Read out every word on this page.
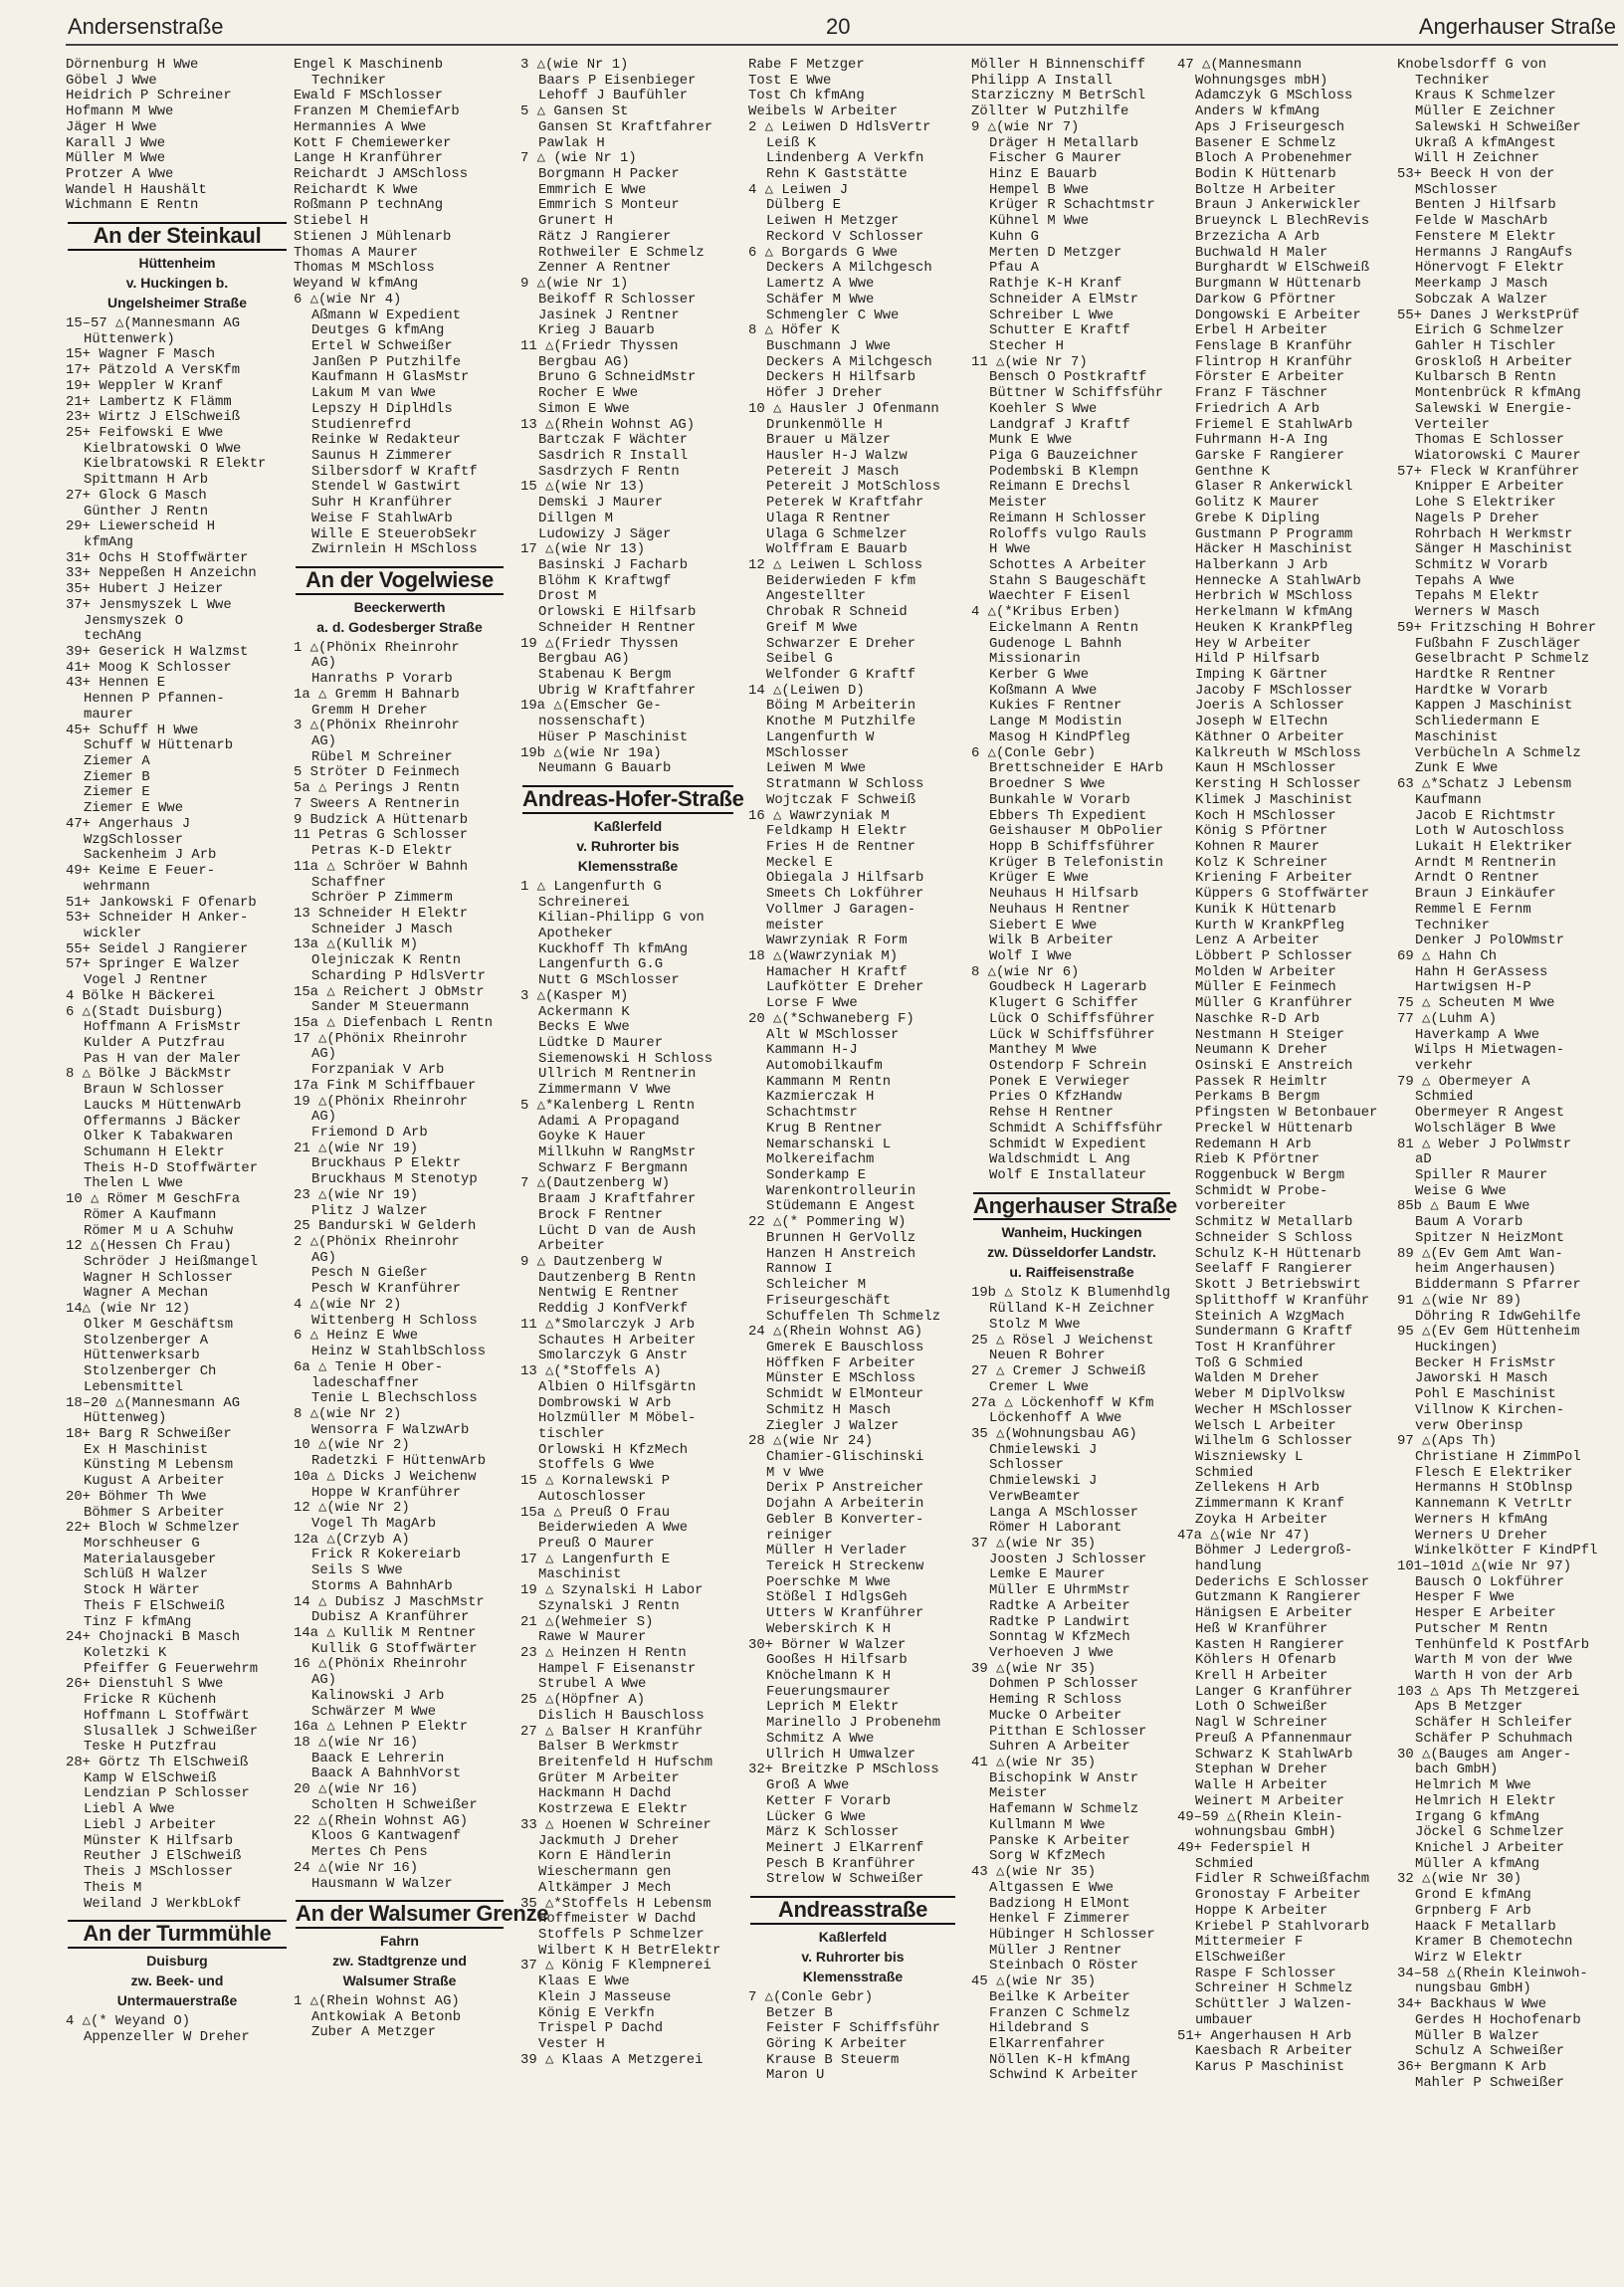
Andersenstraße	20	Angerhauser Straße
Dörnenburg H Wwe
Göbel J Wwe
Heidrich P Schreiner
Hofmann M Wwe
Jäger H Wwe
Karall J Wwe
Müller M Wwe
Protzer A Wwe
Wandel H Haushält
Wichmann E Rentn
An der Steinkaul
Hüttenheim
v. Huckingen b.
Ungelsheimer Straße
15–57 △(Mannesmann AG
Hüttenwerk)
15+ Wagner F Masch
17+ Pätzold A VersKfm
19+ Weppler W Kranf
21+ Lambertz K Flämm
23+ Wirtz J ElSchweiß
25+ Feifowski E Wwe
Kielbratowski O Wwe
Kielbratowski R Elektr
Spittmann H Arb
27+ Glock G Masch
Günther J Rentn
29+ Liewerscheid H
kfmAng
31+ Ochs H Stoffwärter
33+ Neppeßen H Anzeichn
35+ Hubert J Heizer
37+ Jensmyszek L Wwe
Jensmyszek O
techAng
39+ Geserick H Walzmst
41+ Moog K Schlosser
43+ Hennen E
Hennen P Pfannen-
maurer
45+ Schuff H Wwe
Schuff W Hüttenarb
Ziemer A
Ziemer B
Ziemer E
Ziemer E Wwe
47+ Angerhaus J
WzgSchlosser
Sackenheim J Arb
49+ Keime E Feuer-
wehrmann
51+ Jankowski F Ofenarb
53+ Schneider H Anker-
wickler
55+ Seidel J Rangierer
57+ Springer E Walzer
Vogel J Rentner
4 Bölke H Bäckerei
6 △(Stadt Duisburg)
Hoffmann A FrisMstr
Kulder A Putzfrau
Pas H van der Maler
8 △ Bölke J BäckMstr
Braun W Schlosser
Laucks M HüttenwArb
Offermanns J Bäcker
Olker K Tabakwaren
Schumann H Elektr
Theis H-D Stoffwärter
Thelen L Wwe
10 △ Römer M GeschFra
Römer A Kaufmann
Römer M u A Schuhw
12 △(Hessen Ch Frau)
Schröder J Heißmangel
Wagner H Schlosser
Wagner A Mechan
14△ (wie Nr 12)
Olker M Geschäftsm
Stolzenberger A
Hüttenwerksarb
Stolzenberger Ch
Lebensmittel
18–20 △(Mannesmann AG
Hüttenweg)
18+ Barg R Schweißer
Ex H Maschinist
Künsting M Lebensm
Kugust A Arbeiter
20+ Böhmer Th Wwe
Böhmer S Arbeiter
22+ Bloch W Schmelzer
Morschheuser G
Materialausgeber
Schlüß H Walzer
Stock H Wärter
Theis F ElSchweiß
Tinz F kfmAng
24+ Chojnacki B Masch
Koletzki K
Pfeiffer G Feuerwehrm
26+ Dienstuhl S Wwe
Fricke R Küchenh
Hoffmann L Stoffwärt
Slusallek J Schweißer
Teske H Putzfrau
28+ Görtz Th ElSchweiß
Kamp W ElSchweiß
Lendzian P Schlosser
Liebl A Wwe
Liebl J Arbeiter
Münster K Hilfsarb
Reuther J ElSchweiß
Theis J MSchlosser
Theis M
Weiland J WerkbLokf
An der Turmmühle
Duisburg
zw. Beek- und
Untermauerstraße
4 △(* Weyand O)
Appenzeller W Dreher
Engel K Maschinenb
Techniker
Ewald F MSchlosser
Franzen M ChemiefArb
Hermannies A Wwe
Kott F Chemiewerker
Lange H Kranführer
Reichardt J AMSchloss
Reichardt K Wwe
Roßmann P technAng
Stiebel H
Stienen J Mühlenarb
Thomas A Maurer
Thomas M MSchloss
Weyand W kfmAng
6 △(wie Nr 4)
Aßmann W Expedient
Deutges G kfmAng
Ertel W Schweißer
Janßen P Putzhilfe
Kaufmann H GlasMstr
Lakum M van Wwe
Lepszy H DiplHdls
Studienrefrd
Reinke W Redakteur
Saunus H Zimmerer
Silbersdorf W Kraftf
Stendel W Gastwirt
Suhr H Kranführer
Weise F StahlwArb
Wille E SteuerobSekr
Zwirnlein H MSchloss
An der Vogelwiese
Beeckerwerth
a. d. Godesberger Straße
1 △(Phönix Rheinrohr
AG)
Hanraths P Vorarb
1a △ Gremm H Bahnarb
Gremm H Dreher
3 △(Phönix Rheinrohr
AG)
Rübel M Schreiner
5 Ströter D Feinmech
5a △ Perings J Rentn
7 Sweers A Rentnerin
9 Budzick A Hüttenarb
11 Petras G Schlosser
Petras K-D Elektr
11a △ Schröer W Bahnh
Schaffner
Schröer P Zimmerm
13 Schneider H Elektr
Schneider J Masch
13a △(Kullik M)
Olejniczak K Rentn
Scharding P HdlsVertr
15a △ Reichert J ObMstr
Sander M Steuermann
15a △ Diefenbach L Rentn
17 △(Phönix Rheinrohr
AG)
Forzpaniak V Arb
17a Fink M Schiffbauer
19 △(Phönix Rheinrohr
AG)
Friemond D Arb
21 △(wie Nr 19)
Bruckhaus P Elektr
Bruckhaus M Stenotyp
23 △(wie Nr 19)
Plitz J Walzer
25 Bandurski W Gelderh
2 △(Phönix Rheinrohr
AG)
Pesch N Gießer
Pesch W Kranführer
4 △(wie Nr 2)
Wittenberg H Schloss
6 △ Heinz E Wwe
Heinz W StahlbSchloss
6a △ Tenie H Ober-
ladeschaffner
Tenie L Blechschloss
8 △(wie Nr 2)
Wensorra F WalzwArb
10 △(wie Nr 2)
Radetzki F HüttenwArb
10a △ Dicks J Weichenw
Hoppe W Kranführer
12 △(wie Nr 2)
Vogel Th MagArb
12a △(Crzyb A)
Frick R Kokereiarb
Seils S Wwe
Storms A BahnhArb
14 △ Dubisz J MaschMstr
Dubisz A Kranführer
14a △ Kullik M Rentner
Kullik G Stoffwärter
16 △(Phönix Rheinrohr
AG)
Kalinowski J Arb
Schwärzer M Wwe
16a △ Lehnen P Elektr
18 △(wie Nr 16)
Baack E Lehrerin
Baack A BahnhVorst
20 △(wie Nr 16)
Scholten H Schweißer
22 △(Rhein Wohnst AG)
Kloos G Kantwagenf
Mertes Ch Pens
24 △(wie Nr 16)
Hausmann W Walzer
An der Walsumer Grenze
Fahrn
zw. Stadtgrenze und
Walsumer Straße
1 △(Rhein Wohnst AG)
Antkowiak A Betonb
Zuber A Metzger
3 △(wie Nr 1)
Baars P Eisenbieger
Lehoff J Baufühler
5 △ Gansen St
Gansen St Kraftfahrer
Pawlak H
7 △ (wie Nr 1)
Borgmann H Packer
Emmrich E Wwe
Emmrich S Monteur
Grunert H
Rätz J Rangierer
Rothweiler E Schmelz
Zenner A Rentner
9 △(wie Nr 1)
Beikoff R Schlosser
Jasinek J Rentner
Krieg J Bauarb
11 △(Friedr Thyssen
Bergbau AG)
Bruno G SchneidMstr
Rocher E Wwe
Simon E Wwe
13 △(Rhein Wohnst AG)
Bartczak F Wächter
Sasdrich R Install
Sasdrzych F Rentn
15 △(wie Nr 13)
Demski J Maurer
Dillgen M
Ludowizy J Säger
17 △(wie Nr 13)
Basinski J Facharb
Blöhm K Kraftwgf
Drost M
Orlowski E Hilfsarb
Schneider H Rentner
19 △(Friedr Thyssen
Bergbau AG)
Stabenau K Bergm
Ubrig W Kraftfahrer
19a △(Emscher Ge-
nossenschaft)
Hüser P Maschinist
19b △(wie Nr 19a)
Neumann G Bauarb
Andreas-Hofer-Straße
Kaßlerfeld
v. Ruhrorter bis
Klemensstraße
1 △ Langenfurth G
Schreinerei
Kilian-Philipp G von
Apotheker
Kuckhoff Th kfmAng
Langenfurth G.G
Nutt G MSchlosser
3 △(Kasper M)
Ackermann K
Becks E Wwe
Lüdtke D Maurer
Siemenowski H Schloss
Ullrich M Rentnerin
Zimmermann V Wwe
5 △*Kalenberg L Rentn
Adami A Propagand
Goyke K Hauer
Millkuhn W RangMstr
Schwarz F Bergmann
7 △(Dautzenberg W)
Braam J Kraftfahrer
Brock F Rentner
Lücht D van de Aush
Arbeiter
9 △ Dautzenberg W
Dautzenberg B Rentn
Nentwig E Rentner
Reddig J KonfVerkf
11 △*Smolarczyk J Arb
Schautes H Arbeiter
Smolarczyk G Anstr
13 △(*Stoffels A)
Albien O Hilfsgärtn
Dombrowski W Arb
Holzmüller M Möbel-
tischler
Orlowski H KfzMech
Stoffels G Wwe
15 △ Kornalewski P
Autoschlosser
15a △ Preuß O Frau
Beiderwieden A Wwe
Preuß O Maurer
17 △ Langenfurth E
Maschinist
19 △ Szynalski H Labor
Szynalski J Rentn
21 △(Wehmeier S)
Rawe W Maurer
23 △ Heinzen H Rentn
Hampel F Eisenanstr
Strubel A Wwe
25 △(Höpfner A)
Dislich H Bauschloss
27 △ Balser H Kranführ
Balser B Werkmstr
Breitenfeld H Hufschm
Grüter M Arbeiter
Hackmann H Dachd
Kostrzewa E Elektr
33 △ Hoenen W Schreiner
Jackmuth J Dreher
Korn E Händlerin
Wieschermann gen
Altkämper J Mech
35 △*Stoffels H Lebensm
Hoffmeister W Dachd
Stoffels P Schmelzer
Wilbert K H BetrElektr
37 △ König F Klempnerei
Klaas E Wwe
Klein J Masseuse
König E Verkfn
Trispel P Dachd
Vester H
39 △ Klaas A Metzgerei
Rabe F Metzger
Tost E Wwe
Tost Ch kfmAng
Weibels W Arbeiter
2 △ Leiwen D HdlsVertr
Leiß K
Lindenberg A Verkfn
Rehn K Gaststätte
4 △ Leiwen J
Dülberg E
Leiwen H Metzger
Reckord V Schlosser
6 △ Borgards G Wwe
Deckers A Milchgesch
Lamertz A Wwe
Schäfer M Wwe
Schmengler C Wwe
8 △ Höfer K
Buschmann J Wwe
Deckers A Milchgesch
Deckers H Hilfsarb
Höfer J Dreher
10 △ Hausler J Ofenmann
Drunkenmölle H
Brauer u Mälzer
Hausler H-J Walzw
Petereit J Masch
Petereit J MotSchloss
Peterek W Kraftfahr
Ulaga R Rentner
Ulaga G Schmelzer
Wolffram E Bauarb
12 △ Leiwen L Schloss
Beiderwieden F kfm
Angestellter
Chrobak R Schneid
Greif M Wwe
Schwarzer E Dreher
Seibel G
Welfonder G Kraftf
14 △(Leiwen D)
Böing M Arbeiterin
Knothe M Putzhilfe
Langenfurth W
MSchlosser
Leiwen M Wwe
Stratmann W Schloss
Wojtczak F Schweiß
16 △ Wawrzyniak M
Feldkamp H Elektr
Fries H de Rentner
Meckel E
Obiegala J Hilfsarb
Smeets Ch Lokführer
Vollmer J Garagen-
meister
Wawrzyniak R Form
18 △(Wawrzyniak M)
Hamacher H Kraftf
Laufkötter E Dreher
Lorse F Wwe
20 △(*Schwaneberg F)
Alt W MSchlosser
Kammann H-J
Automobilkaufm
Kammann M Rentn
Kazmierczak H
Schachtmstr
Krug B Rentner
Nemarschanski L
Molkereifachm
Sonderkamp E
Warenkontrolleurin
Stüdemann E Angest
22 △(* Pommering W)
Brunnen H GerVollz
Hanzen H Anstreich
Rannow I
Schleicher M
Friseurgeschäft
Schuffelen Th Schmelz
24 △(Rhein Wohnst AG)
Gmerek E Bauschloss
Höffken F Arbeiter
Münster E MSchloss
Schmidt W ElMonteur
Schmitz H Masch
Ziegler J Walzer
28 △(wie Nr 24)
Chamier-Glischinski
M v Wwe
Derix P Anstreicher
Dojahn A Arbeiterin
Gebler B Konverter-
reiniger
Müller H Verlader
Tereick H Streckenw
Poerschke M Wwe
Stößel I HdlgsGeh
Utters W Kranführer
Weberskirch K H
30+ Börner W Walzer
Gooßes H Hilfsarb
Knöchelmann K H
Feuerungsmaurer
Leprich M Elektr
Marinello J Probenehm
Schmitz A Wwe
Ullrich H Umwalzer
32+ Breitzke P MSchloss
Groß A Wwe
Ketter F Vorarb
Lücker G Wwe
März K Schlosser
Meinert J ElKarrenf
Pesch B Kranführer
Strelow W Schweißer
Andreasstraße
Kaßlerfeld
v. Ruhrorter bis
Klemensstraße
7 △(Conle Gebr)
Betzer B
Feister F Schiffsführ
Göring K Arbeiter
Krause B Steuerm
Maron U
Möller H Binnenschiff
Philipp A Install
Starziczny M BetrSchl
Zöllter W Putzhilfe
9 △(wie Nr 7)
Dräger H Metallarb
Fischer G Maurer
Hinz E Bauarb
Hempel B Wwe
Krüger R Schachtmstr
Kühnel M Wwe
Kuhn G
Merten D Metzger
Pfau A
Rathje K-H Kranf
Schneider A ElMstr
Schreiber L Wwe
Schutter E Kraftf
Stecher H
11 △(wie Nr 7)
Bensch O Postkraftf
Büttner W Schiffsführ
Koehler S Wwe
Landgraf J Kraftf
Munk E Wwe
Piga G Bauzeichner
Podembski B Klempn
Reimann E Drechsl
Meister
Reimann H Schlosser
Roloffs vulgo Rauls
H Wwe
Schottes A Arbeiter
Stahn S Baugeschäft
Waechter F Eisenl
4 △(*Kribus Erben)
Eickelmann A Rentn
Gudenoge L Bahnh
Missionarin
Kerber G Wwe
Koßmann A Wwe
Kukies F Rentner
Lange M Modistin
Masog H KindPfleg
6 △(Conle Gebr)
Brettschneider E HArb
Broedner S Wwe
Bunkahle W Vorarb
Ebbers Th Expedient
Geishauser M ObPolier
Hopp B Schiffsführer
Krüger B Telefonistin
Krüger E Wwe
Neuhaus H Hilfsarb
Neuhaus H Rentner
Siebert E Wwe
Wilk B Arbeiter
Wolf I Wwe
8 △(wie Nr 6)
Goudbeck H Lagerarb
Klugert G Schiffer
Lück O Schiffsführer
Lück W Schiffsführer
Manthey M Wwe
Ostendorp F Schrein
Ponek E Verwieger
Pries O KfzHandw
Rehse H Rentner
Schmidt A Schiffsführ
Schmidt W Expedient
Waldschmidt L Ang
Wolf E Installateur
Angerhauser Straße
Wanheim, Huckingen
zw. Düsseldorfer Landstr.
u. Raiffeisenstraße
19b △ Stolz K Blumenhdlg
Rülland K-H Zeichner
Stolz M Wwe
25 △ Rösel J Weichenst
Neuen R Bohrer
27 △ Cremer J Schweiß
Cremer L Wwe
27a △ Löckenhoff W Kfm
Löckenhoff A Wwe
35 △(Wohnungsbau AG)
Chmielewski J
Schlosser
Chmielewski J
VerwBeamter
Langa A MSchlosser
Römer H Laborant
37 △(wie Nr 35)
Joosten J Schlosser
Lemke E Maurer
Müller E UhrmMstr
Radtke A Arbeiter
Radtke P Landwirt
Sonntag W KfzMech
Verhoeven J Wwe
39 △(wie Nr 35)
Dohmen P Schlosser
Heming R Schloss
Mucke O Arbeiter
Pitthan E Schlosser
Suhren A Arbeiter
41 △(wie Nr 35)
Bischopink W Anstr
Meister
Hafemann W Schmelz
Kullmann M Wwe
Panske K Arbeiter
Sorg W KfzMech
43 △(wie Nr 35)
Altgassen E Wwe
Badziong H ElMont
Henkel F Zimmerer
Hübinger H Schlosser
Müller J Rentner
Steinbach O Röster
45 △(wie Nr 35)
Beilke K Arbeiter
Franzen C Schmelz
Hildebrand S
ElKarrenfahrer
Nöllen K-H kfmAng
Schwind K Arbeiter
47 △(Mannesmann
Wohnungsges mbH)
Adamczyk G MSchloss
Anders W kfmAng
Aps J Friseurgesch
Basener E Schmelz
Bloch A Probenehmer
Bodin K Hüttenarb
Boltze H Arbeiter
Braun J Ankerwickler
Brueynck L BlechRevis
Brzezicha A Arb
Buchwald H Maler
Burghardt W ElSchweiß
Burgmann W Hüttenarb
Darkow G Pförtner
Dongowski E Arbeiter
Erbel H Arbeiter
Fenslage B Kranführ
Flintrop H Kranführ
Förster E Arbeiter
Franz F Täschner
Friedrich A Arb
Friemel E StahlwArb
Fuhrmann H-A Ing
Garske F Rangierer
Genthne K
Glaser R Ankerwickl
Golitz K Maurer
Grebe K Dipling
Gustmann P Programm
Häcker H Maschinist
Halberkann J Arb
Hennecke A StahlwArb
Herbrich W MSchloss
Herkelmann W kfmAng
Heuken K KrankPfleg
Hey W Arbeiter
Hild P Hilfsarb
Imping K Gärtner
Jacoby F MSchlosser
Joeris A Schlosser
Joseph W ElTechn
Käthner O Arbeiter
Kalkreuth W MSchloss
Kaun H MSchlosser
Kersting H Schlosser
Klimek J Maschinist
Koch H MSchlosser
König S Pförtner
Kohnen R Maurer
Kolz K Schreiner
Kriening F Arbeiter
Küppers G Stoffwärter
Kunik K Hüttenarb
Kurth W KrankPfleg
Lenz A Arbeiter
Löbbert P Schlosser
Molden W Arbeiter
Müller E Feinmech
Müller G Kranführer
Naschke R-D Arb
Nestmann H Steiger
Neumann K Dreher
Osinski E Anstreich
Passek R Heimltr
Perkams B Bergm
Pfingsten W Betonbauer
Preckel W Hüttenarb
Redemann H Arb
Rieb K Pförtner
Roggenbuck W Bergm
Schmidt W Probe-
vorbereiter
Schmitz W Metallarb
Schneider S Schloss
Schulz K-H Hüttenarb
Seelaff F Rangierer
Skott J Betriebswirt
Splitthoff W Kranführ
Steinich A WzgMach
Sundermann G Kraftf
Tost H Kranführer
Toß G Schmied
Walden M Dreher
Weber M DiplVolksw
Wecher H MSchlosser
Welsch L Arbeiter
Wilhelm G Schlosser
Wiszniewsky L
Schmied
Zellekens H Arb
Zimmermann K Kranf
Zoyka H Arbeiter
47a △(wie Nr 47)
Böhmer J Ledergroß-
handlung
Dederichs E Schlosser
Gutzmann K Rangierer
Hänigsen E Arbeiter
Heß W Kranführer
Kasten H Rangierer
Köhlers H Ofenarb
Krell H Arbeiter
Langer G Kranführer
Loth O Schweißer
Nagl W Schreiner
Preuß A Pfannenmaur
Schwarz K StahlwArb
Stephan W Dreher
Walle H Arbeiter
Weinert M Arbeiter
49–59 △(Rhein Klein-
wohnungsbau GmbH)
49+ Federspiel H
Schmied
Fidler R Schweißfachm
Gronostay F Arbeiter
Hoppe K Arbeiter
Kriebel P Stahlvorarb
Mittermeier F
ElSchweißer
Raspe F Schlosser
Schreiner H Schmelz
Schüttler J Walzen-
umbauer
51+ Angerhausen H Arb
Kaesbach R Arbeiter
Karus P Maschinist
Knobelsdorff G von
Techniker
Kraus K Schmelzer
Müller E Zeichner
Salewski H Schweißer
Ukraß A kfmAngest
Will H Zeichner
53+ Beeck H von der
MSchlosser
Benten J Hilfsarb
Felde W MaschArb
Fenstere M Elektr
Hermanns J RangAufs
Hönervogt F Elektr
Meerkamp J Masch
Sobczak A Walzer
55+ Danes J WerkstPrüf
Eirich G Schmelzer
Gahler H Tischler
Groskloß H Arbeiter
Kulbarsch B Rentn
Montenbrück R kfmAng
Salewski W Energie-
Verteiler
Thomas E Schlosser
Wiatorowski C Maurer
57+ Fleck W Kranführer
Knipper E Arbeiter
Lohe S Elektriker
Nagels P Dreher
Rohrbach H Werkmstr
Sänger H Maschinist
Schmitz W Vorarb
Tepahs A Wwe
Tepahs M Elektr
Werners W Masch
59+ Fritzsching H Bohrer
Fußbahn F Zuschläger
Geselbracht P Schmelz
Hardtke R Rentner
Hardtke W Vorarb
Kappen J Maschinist
Schliedermann E
Maschinist
Verbücheln A Schmelz
Zunk E Wwe
63 △*Schatz J Lebensm
Kaufmann
Jacob E Richtmstr
Loth W Autoschloss
Lukait H Elektriker
Arndt M Rentnerin
Arndt O Rentner
Braun J Einkäufer
Remmel E Fernm
Techniker
Denker J PolOWmstr
69 △ Hahn Ch
Hahn H GerAssess
Hartwigsen H-P
75 △ Scheuten M Wwe
77 △(Luhm A)
Haverkamp A Wwe
Wilps H Mietwagen-
verkehr
79 △ Obermeyer A
Schmied
Obermeyer R Angest
Wolschläger B Wwe
81 △ Weber J PolWmstr
aD
Spiller R Maurer
Weise G Wwe
85b △ Baum E Wwe
Baum A Vorarb
Spitzer N HeizMont
89 △(Ev Gem Amt Wan-
heim Angerhausen)
Biddermann S Pfarrer
91 △(wie Nr 89)
Döhring R IdwGehilfe
95 △(Ev Gem Hüttenheim
Huckingen)
Becker H FrisMstr
Jaworski H Masch
Pohl E Maschinist
Villnow K Kirchen-
verw Oberinsp
97 △(Aps Th)
Christiane H ZimmPol
Flesch E Elektriker
Hermanns H StOblnsp
Kannemann K VetrLtr
Werners H kfmAng
Werners U Dreher
Winkelkötter F KindPfl
101–101d △(wie Nr 97)
Bausch O Lokführer
Hesper F Wwe
Hesper E Arbeiter
Putscher M Rentn
Tenhünfeld K PostfArb
Warth M von der Wwe
Warth H von der Arb
103 △ Aps Th Metzgerei
Aps B Metzger
Schäfer H Schleifer
Schäfer P Schuhmach
30 △(Bauges am Anger-
bach GmbH)
Helmrich M Wwe
Helmrich H Elektr
Irgang G kfmAng
Jöckel G Schmelzer
Knichel J Arbeiter
Müller A kfmAng
32 △(wie Nr 30)
Grond E kfmAng
Grpnberg F Arb
Haack F Metallarb
Kramer B Chemotechn
Wirz W Elektr
34–58 △(Rhein Kleinwoh-
nungsbau GmbH)
34+ Backhaus W Wwe
Gerdes H Hochofenarb
Müller B Walzer
Schulz A Schweißer
36+ Bergmann K Arb
Mahler P Schweißer
